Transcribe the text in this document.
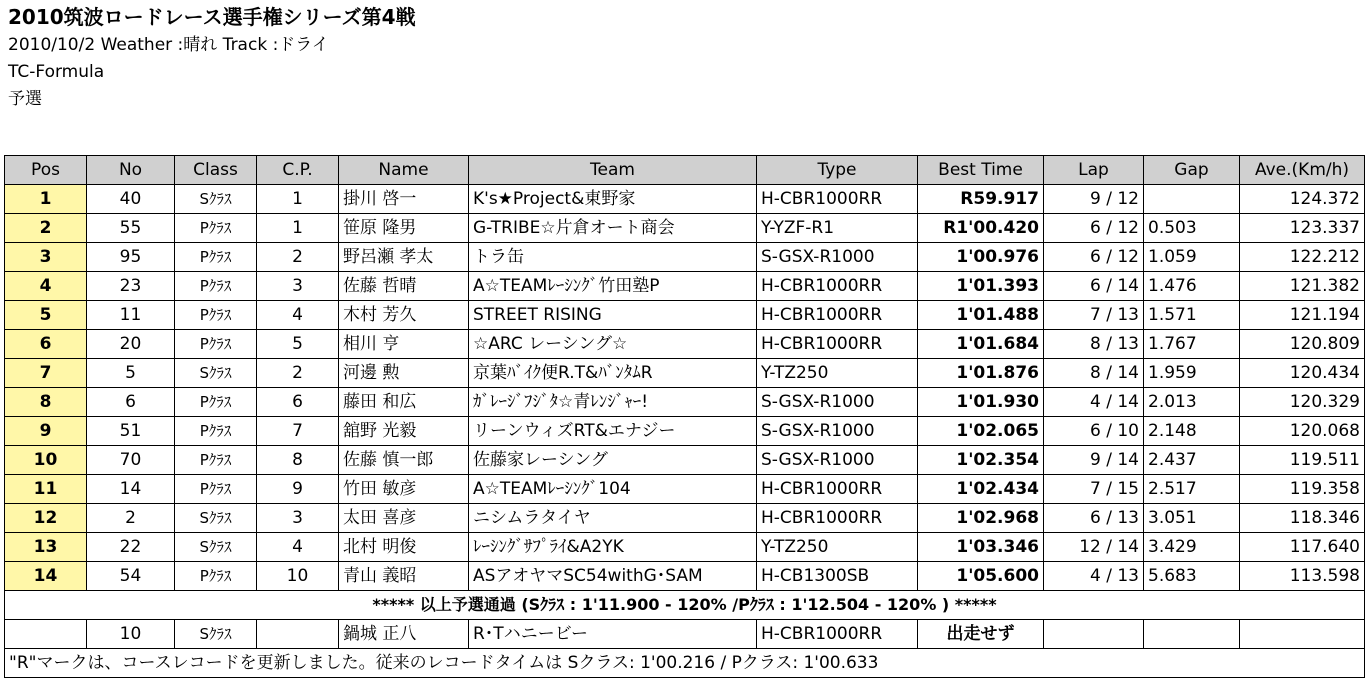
2010筑波ロードレース選手権シリーズ第4戦
2010/10/2 Weather :晴れ Track :ドライ
TC-Formula
予選
Pos	No	Class	C.P.	Name	Team	Type	Best Time	Lap	Gap	Ave.(Km/h)
1	40	Sｸﾗｽ	1	掛川 啓一	K's★Project&東野家	H-CBR1000RR	R59.917	9 / 12		124.372
2	55	Pｸﾗｽ	1	笹原 隆男	G-TRIBE☆片倉オート商会	Y-YZF-R1	R1'00.420	6 / 12	0.503	123.337
3	95	Pｸﾗｽ	2	野呂瀬 孝太	トラ缶	S-GSX-R1000	1'00.976	6 / 12	1.059	122.212
4	23	Pｸﾗｽ	3	佐藤 哲晴	A☆TEAMﾚｰｼﾝｸﾞ竹田塾P	H-CBR1000RR	1'01.393	6 / 14	1.476	121.382
5	11	Pｸﾗｽ	4	木村 芳久	STREET RISING	H-CBR1000RR	1'01.488	7 / 13	1.571	121.194
6	20	Pｸﾗｽ	5	相川 亨	☆ARC レーシング☆	H-CBR1000RR	1'01.684	8 / 13	1.767	120.809
7	5	Sｸﾗｽ	2	河邊 勲	京葉ﾊﾞｲｸ便R.T&ﾊﾞﾝﾀﾑR	Y-TZ250	1'01.876	8 / 14	1.959	120.434
8	6	Pｸﾗｽ	6	藤田 和広	ｶﾞﾚｰｼﾞﾌｼﾞﾀ☆青ﾚﾝｼﾞｬｰ!	S-GSX-R1000	1'01.930	4 / 14	2.013	120.329
9	51	Pｸﾗｽ	7	舘野 光毅	リーンウィズRT&エナジー	S-GSX-R1000	1'02.065	6 / 10	2.148	120.068
10	70	Pｸﾗｽ	8	佐藤 慎一郎	佐藤家レーシング	S-GSX-R1000	1'02.354	9 / 14	2.437	119.511
11	14	Pｸﾗｽ	9	竹田 敏彦	A☆TEAMﾚｰｼﾝｸﾞ104	H-CBR1000RR	1'02.434	7 / 15	2.517	119.358
12	2	Sｸﾗｽ	3	太田 喜彦	ニシムラタイヤ	H-CBR1000RR	1'02.968	6 / 13	3.051	118.346
13	22	Sｸﾗｽ	4	北村 明俊	ﾚｰｼﾝｸﾞｻﾌﾟﾗｲ&A2YK	Y-TZ250	1'03.346	12 / 14	3.429	117.640
14	54	Pｸﾗｽ	10	青山 義昭	ASアオヤマSC54withG･SAM	H-CB1300SB	1'05.600	4 / 13	5.683	113.598
***** 以上予選通過 (Sｸﾗｽ : 1'11.900 - 120% /Pｸﾗｽ : 1'12.504 - 120% ) *****										
	10	Sｸﾗｽ		鍋城 正八	R･Tハニービー	H-CBR1000RR	出走せず			
"R"マークは、コースレコードを更新しました。従来のレコードタイムは Sクラス: 1'00.216 / Pクラス: 1'00.633										
